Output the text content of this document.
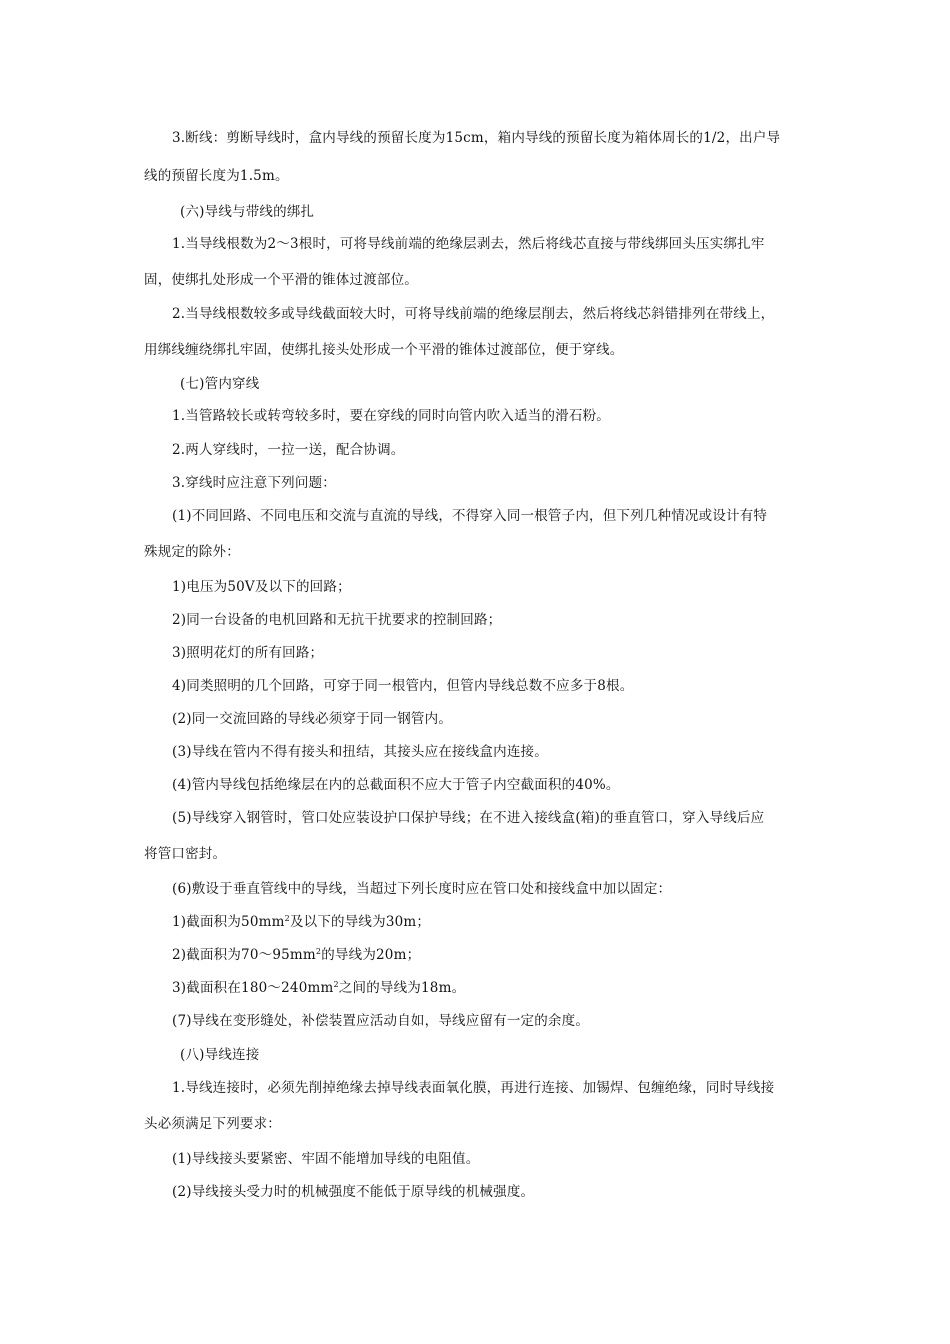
3.断线：剪断导线时，盒内导线的预留长度为15cm，箱内导线的预留长度为箱体周长的1/2，出户导
线的预留长度为1.5m。
(六)导线与带线的绑扎
1.当导线根数为2～3根时，可将导线前端的绝缘层剥去，然后将线芯直接与带线绑回头压实绑扎牢
固，使绑扎处形成一个平滑的锥体过渡部位。
2.当导线根数较多或导线截面较大时，可将导线前端的绝缘层削去，然后将线芯斜错排列在带线上，
用绑线缠绕绑扎牢固，使绑扎接头处形成一个平滑的锥体过渡部位，便于穿线。
(七)管内穿线
1.当管路较长或转弯较多时，要在穿线的同时向管内吹入适当的滑石粉。
2.两人穿线时，一拉一送，配合协调。
3.穿线时应注意下列问题：
(1)不同回路、不同电压和交流与直流的导线，不得穿入同一根管子内，但下列几种情况或设计有特
殊规定的除外：
1)电压为50V及以下的回路；
2)同一台设备的电机回路和无抗干扰要求的控制回路；
3)照明花灯的所有回路；
4)同类照明的几个回路，可穿于同一根管内，但管内导线总数不应多于8根。
(2)同一交流回路的导线必须穿于同一钢管内。
(3)导线在管内不得有接头和扭结，其接头应在接线盒内连接。
(4)管内导线包括绝缘层在内的总截面积不应大于管子内空截面积的40%。
(5)导线穿入钢管时，管口处应装设护口保护导线；在不进入接线盒(箱)的垂直管口，穿入导线后应
将管口密封。
(6)敷设于垂直管线中的导线，当超过下列长度时应在管口处和接线盒中加以固定：
1)截面积为$50mm^2$及以下的导线为30m；
2)截面积为$70\sim 95mm^2$的导线为20m；
3)截面积在$180\sim 240mm^2$之间的导线为18m。
(7)导线在变形缝处，补偿装置应活动自如，导线应留有一定的余度。
(八)导线连接
1.导线连接时，必须先削掉绝缘去掉导线表面氧化膜，再进行连接、加锡焊、包缠绝缘，同时导线接
头必须满足下列要求：
(1)导线接头要紧密、牢固不能增加导线的电阻值。
(2)导线接头受力时的机械强度不能低于原导线的机械强度。
